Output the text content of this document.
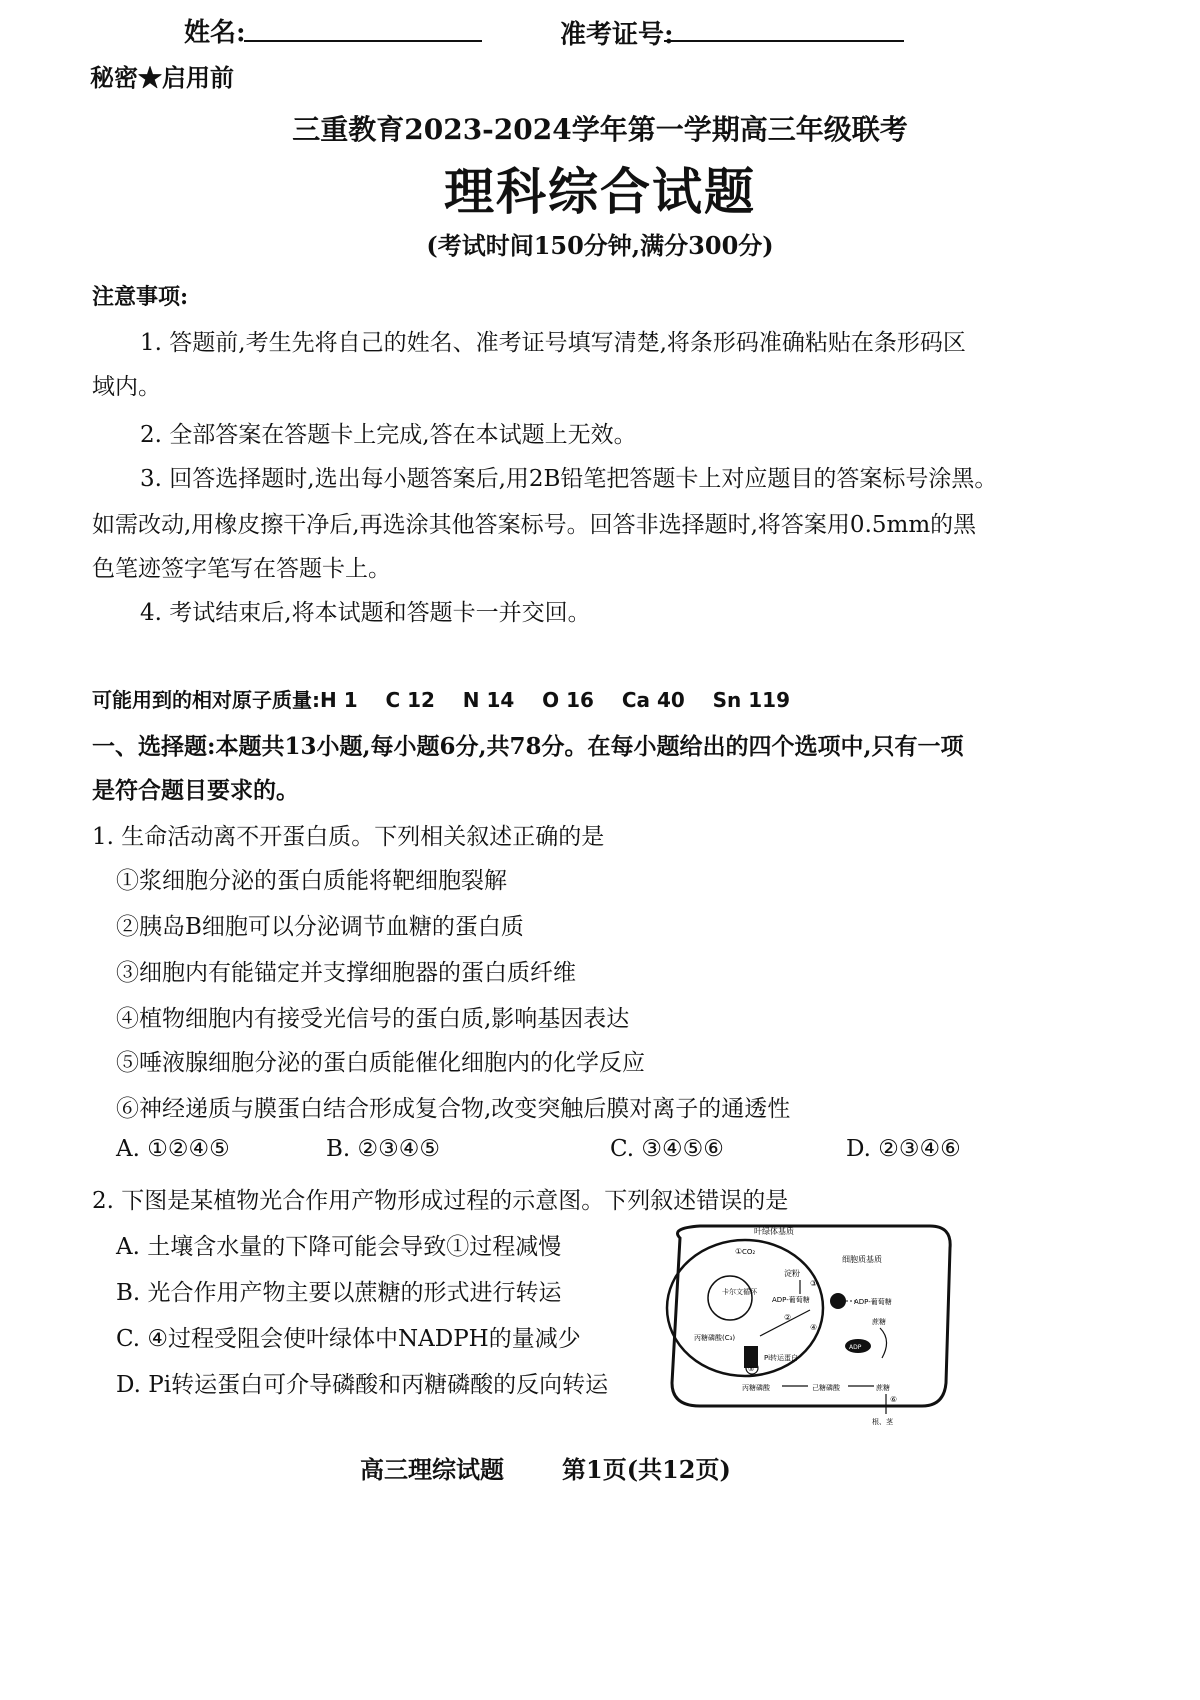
姓名:	准考证号:
秘密★启用前
三重教育2023-2024学年第一学期高三年级联考
理科综合试题
(考试时间150分钟,满分300分)
注意事项:
1. 答题前,考生先将自己的姓名、准考证号填写清楚,将条形码准确粘贴在条形码区
域内。
2. 全部答案在答题卡上完成,答在本试题上无效。
3. 回答选择题时,选出每小题答案后,用2B铅笔把答题卡上对应题目的答案标号涂黑。
如需改动,用橡皮擦干净后,再选涂其他答案标号。回答非选择题时,将答案用0.5mm的黑
色笔迹签字笔写在答题卡上。
4. 考试结束后,将本试题和答题卡一并交回。
可能用到的相对原子质量:H 1    C 12    N 14    O 16    Ca 40    Sn 119
一、选择题:本题共13小题,每小题6分,共78分。在每小题给出的四个选项中,只有一项
是符合题目要求的。
1. 生命活动离不开蛋白质。下列相关叙述正确的是
①浆细胞分泌的蛋白质能将靶细胞裂解
②胰岛B细胞可以分泌调节血糖的蛋白质
③细胞内有能锚定并支撑细胞器的蛋白质纤维
④植物细胞内有接受光信号的蛋白质,影响基因表达
⑤唾液腺细胞分泌的蛋白质能催化细胞内的化学反应
⑥神经递质与膜蛋白结合形成复合物,改变突触后膜对离子的通透性
A. ①②④⑤	B. ②③④⑤	C. ③④⑤⑥	D. ②③④⑥
2. 下图是某植物光合作用产物形成过程的示意图。下列叙述错误的是
A. 土壤含水量的下降可能会导致①过程减慢
B. 光合作用产物主要以蔗糖的形式进行转运
C. ④过程受阻会使叶绿体中NADPH的量减少
D. Pi转运蛋白可介导磷酸和丙糖磷酸的反向转运
卡尔文循环
叶绿体基质
CO₂
①
淀粉
③
ADP-葡萄糖
②
丙糖磷酸(C₃)
⑤
Pi转运蛋白
细胞质基质
ADP-葡萄糖
蔗糖
ADP
丙糖磷酸	己糖磷酸	蔗糖
⑥
④
根、茎
高三理综试题 第1页(共12页)
